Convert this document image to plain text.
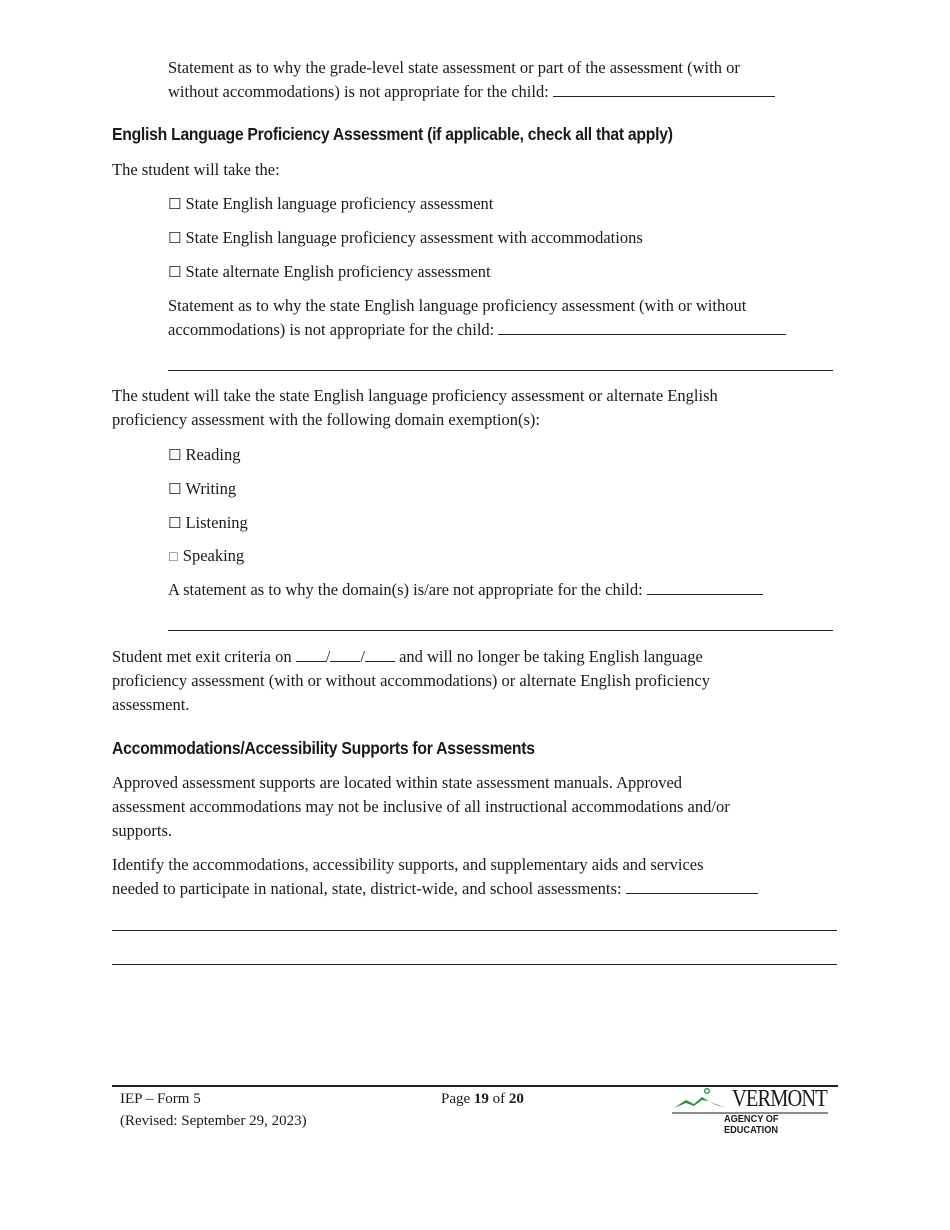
Statement as to why the grade-level state assessment or part of the assessment (with or
without accommodations) is not appropriate for the child:

English Language Proficiency Assessment (if applicable, check all that apply)

The student will take the:

☐ State English language proficiency assessment

☐ State English language proficiency assessment with accommodations

☐ State alternate English proficiency assessment

Statement as to why the state English language proficiency assessment (with or without
accommodations) is not appropriate for the child:

The student will take the state English language proficiency assessment or alternate English
proficiency assessment with the following domain exemption(s):

☐ Reading

☐ Writing

☐ Listening

☐ Speaking

A statement as to why the domain(s) is/are not appropriate for the child:

Student met exit criteria on / / and will no longer be taking English language
proficiency assessment (with or without accommodations) or alternate English proficiency
assessment.

Accommodations/Accessibility Supports for Assessments

Approved assessment supports are located within state assessment manuals. Approved
assessment accommodations may not be inclusive of all instructional accommodations and/or
supports.

Identify the accommodations, accessibility supports, and supplementary aids and services
needed to participate in national, state, district-wide, and school assessments:

IEP – Form 5
(Revised: September 29, 2023)
Page 19 of 20	VERMONT
AGENCY OF EDUCATION
